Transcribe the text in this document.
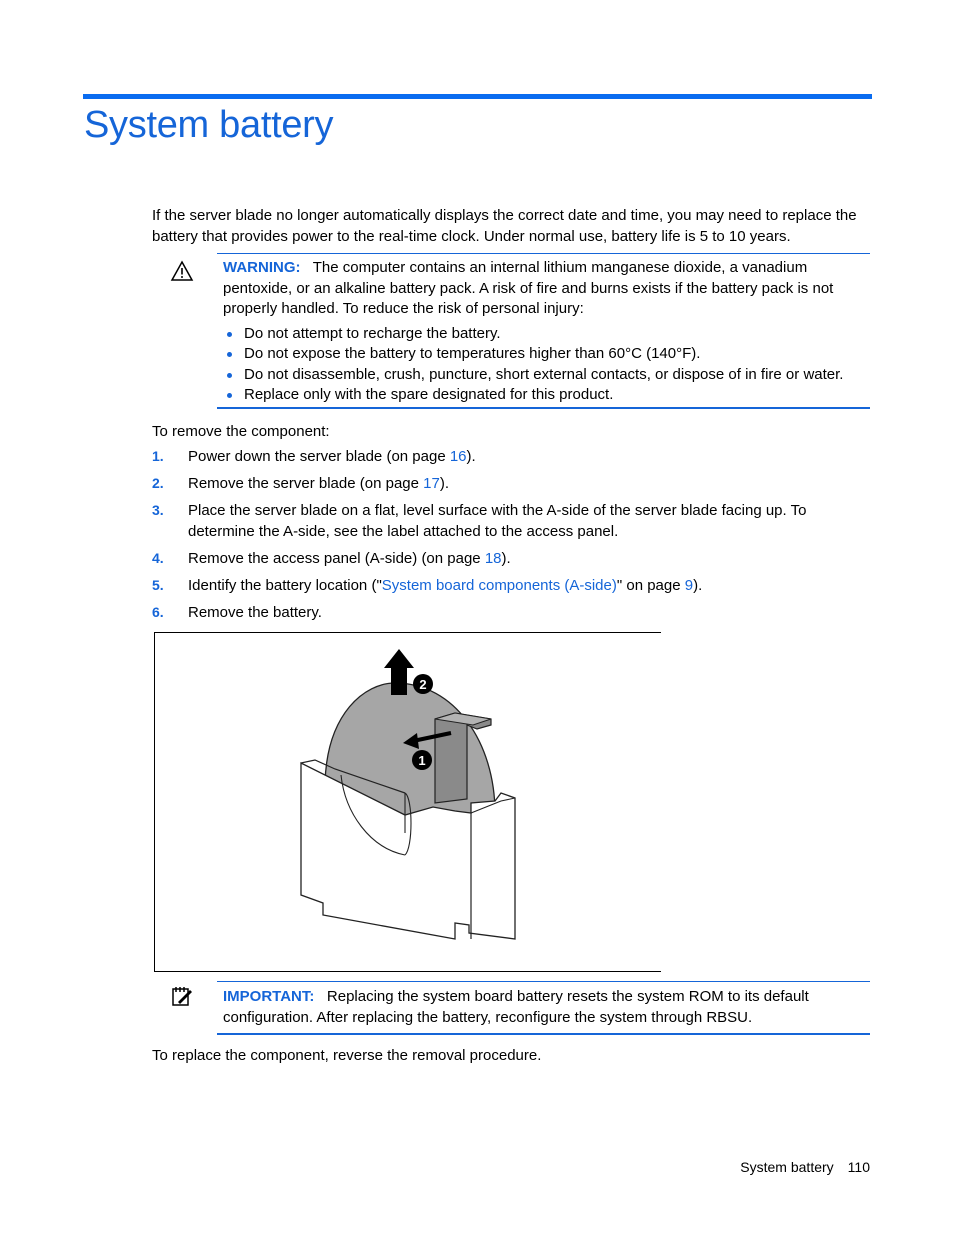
System battery

If the server blade no longer automatically displays the correct date and time, you may need to replace the battery that provides power to the real-time clock. Under normal use, battery life is 5 to 10 years.

WARNING: The computer contains an internal lithium manganese dioxide, a vanadium pentoxide, or an alkaline battery pack. A risk of fire and burns exists if the battery pack is not properly handled. To reduce the risk of personal injury:
Do not attempt to recharge the battery.
Do not expose the battery to temperatures higher than 60°C (140°F).
Do not disassemble, crush, puncture, short external contacts, or dispose of in fire or water.
Replace only with the spare designated for this product.

To remove the component:

1. Power down the server blade (on page 16).
2. Remove the server blade (on page 17).
3. Place the server blade on a flat, level surface with the A-side of the server blade facing up. To determine the A-side, see the label attached to the access panel.
4. Remove the access panel (A-side) (on page 18).
5. Identify the battery location ("System board components (A-side)" on page 9).
6. Remove the battery.
2
1
IMPORTANT: Replacing the system board battery resets the system ROM to its default configuration. After replacing the battery, reconfigure the system through RBSU.

To replace the component, reverse the removal procedure.

System battery 110
